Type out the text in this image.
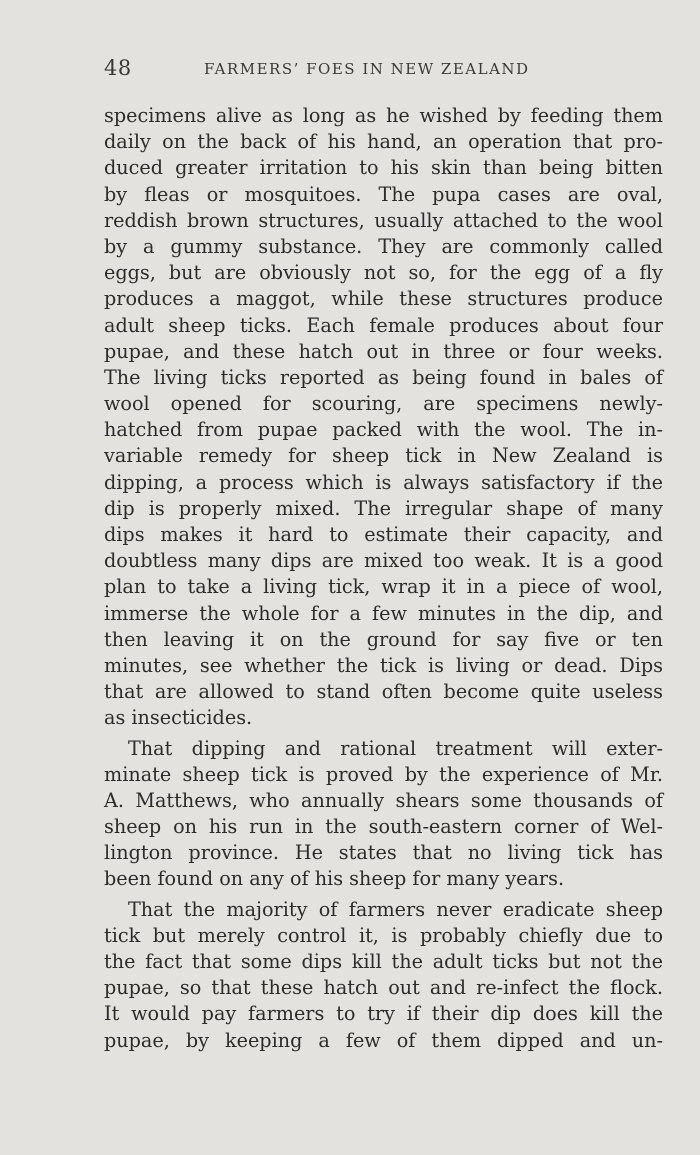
48	FARMERS’ FOES IN NEW ZEALAND
specimens alive as long as he wished by feeding them
daily on the back of his hand, an operation that pro-
duced greater irritation to his skin than being bitten
by fleas or mosquitoes. The pupa cases are oval,
reddish brown structures, usually attached to the wool
by a gummy substance. They are commonly called
eggs, but are obviously not so, for the egg of a fly
produces a maggot, while these structures produce
adult sheep ticks. Each female produces about four
pupae, and these hatch out in three or four weeks.
The living ticks reported as being found in bales of
wool opened for scouring, are specimens newly-
hatched from pupae packed with the wool. The in-
variable remedy for sheep tick in New Zealand is
dipping, a process which is always satisfactory if the
dip is properly mixed. The irregular shape of many
dips makes it hard to estimate their capacity, and
doubtless many dips are mixed too weak. It is a good
plan to take a living tick, wrap it in a piece of wool,
immerse the whole for a few minutes in the dip, and
then leaving it on the ground for say five or ten
minutes, see whether the tick is living or dead. Dips
that are allowed to stand often become quite useless
as insecticides.
That dipping and rational treatment will exter-
minate sheep tick is proved by the experience of Mr.
A. Matthews, who annually shears some thousands of
sheep on his run in the south-eastern corner of Wel-
lington province. He states that no living tick has
been found on any of his sheep for many years.
That the majority of farmers never eradicate sheep
tick but merely control it, is probably chiefly due to
the fact that some dips kill the adult ticks but not the
pupae, so that these hatch out and re-infect the flock.
It would pay farmers to try if their dip does kill the
pupae, by keeping a few of them dipped and un-
